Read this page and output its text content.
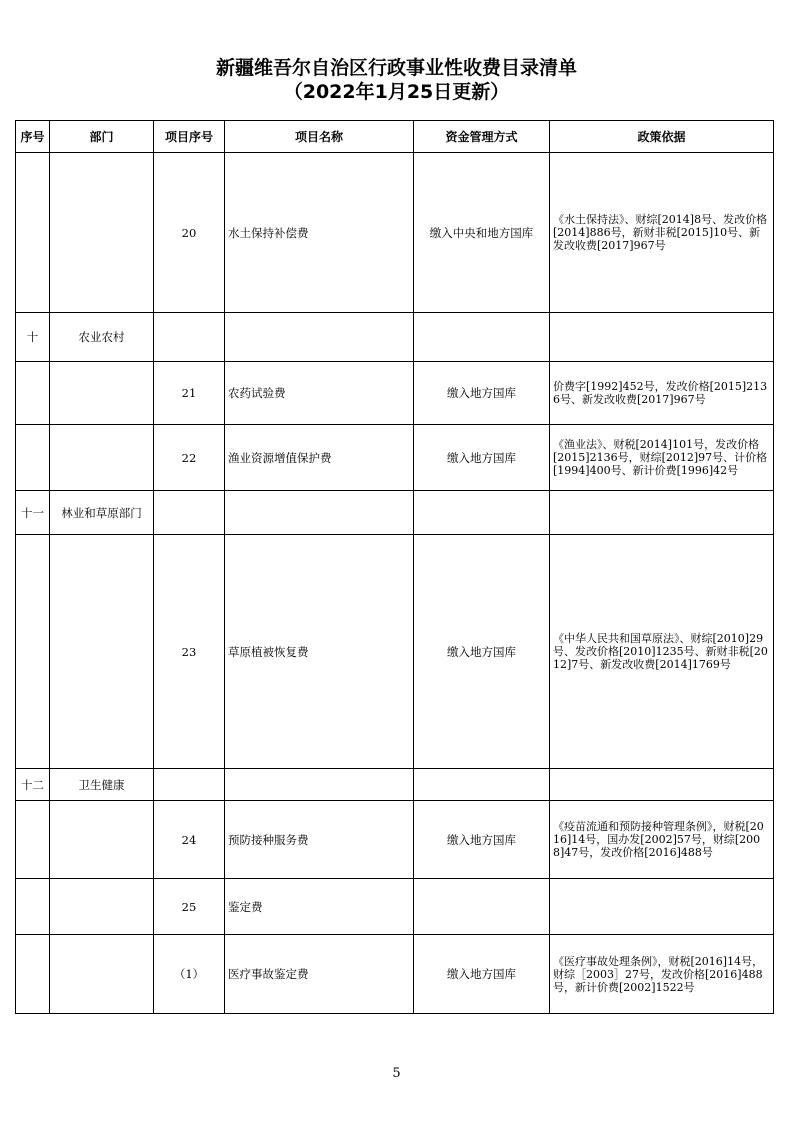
新疆维吾尔自治区行政事业性收费目录清单
（2022年1月25日更新）
序号	部门	项目序号	项目名称	资金管理方式	政策依据
		20	水土保持补偿费	缴入中央和地方国库	《水土保持法》、财综[2014]8号、发改价格[2014]886号，新财非税[2015]10号、新发改收费[2017]967号
十	农业农村				
		21	农药试验费	缴入地方国库	价费字[1992]452号，发改价格[2015]2136号、新发改收费[2017]967号
		22	渔业资源增值保护费	缴入地方国库	《渔业法》、财税[2014]101号，发改价格[2015]2136号，财综[2012]97号、计价格[1994]400号、新计价费[1996]42号
十一	林业和草原部门				
		23	草原植被恢复费	缴入地方国库	《中华人民共和国草原法》、财综[2010]29号、发改价格[2010]1235号、新财非税[2012]7号、新发改收费[2014]1769号
十二	卫生健康				
		24	预防接种服务费	缴入地方国库	《疫苗流通和预防接种管理条例》，财税[2016]14号，国办发[2002]57号，财综[2008]47号，发改价格[2016]488号
		25	鉴定费		
		（1）	医疗事故鉴定费	缴入地方国库	《医疗事故处理条例》，财税[2016]14号，财综［2003］27号，发改价格[2016]488号，新计价费[2002]1522号
5
